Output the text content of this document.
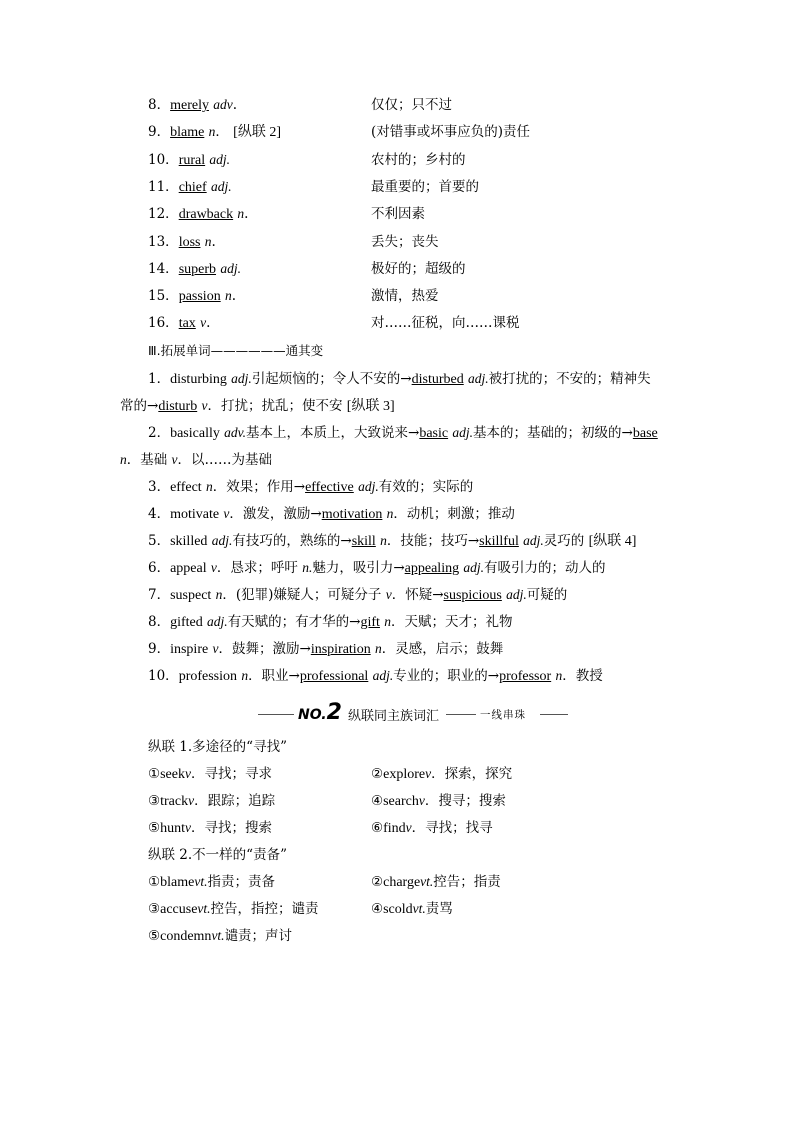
8．merely adv.	仅仅；只不过
9．blame n． [纵联 2]	(对错事或坏事应负的)责任
10．rural adj.	农村的；乡村的
11．chief adj.	最重要的；首要的
12．drawback n.	不利因素
13．loss n.	丢失；丧失
14．superb adj.	极好的；超级的
15．passion n.	激情，热爱
16．tax v.	对……征税，向……课税
Ⅲ.拓展单词——————通其变
1．disturbing adj.引起烦恼的；令人不安的→disturbed adj.被打扰的；不安的；精神失
常的→disturb v．打扰；扰乱；使不安 [纵联 3]
2．basically adv.基本上，本质上，大致说来→basic adj.基本的；基础的；初级的→base
n．基础 v．以……为基础
3．effect n．效果；作用→effective adj.有效的；实际的
4．motivate v．激发，激励→motivation n．动机；刺激；推动
5．skilled adj.有技巧的，熟练的→skill n．技能；技巧→skillful adj.灵巧的 [纵联 4]
6．appeal v．恳求；呼吁 n.魅力，吸引力→appealing adj.有吸引力的；动人的
7．suspect n．(犯罪)嫌疑人；可疑分子 v．怀疑→suspicious adj.可疑的
8．gifted adj.有天赋的；有才华的→gift n．天赋；天才；礼物
9．inspire v．鼓舞；激励→inspiration n．灵感，启示；鼓舞
10．profession n．职业→professional adj.专业的；职业的→professor n．教授
NO.2 纵联同主族词汇	一线串珠
纵联 1.多途径的“寻找”
①seekv．寻找；寻求	②explorev．探索，探究
③trackv．跟踪；追踪	④searchv．搜寻；搜索
⑤huntv．寻找；搜索	⑥findv．寻找；找寻
纵联 2.不一样的“责备”
①blamevt.指责；责备	②chargevt.控告；指责
③accusevt.控告，指控；谴责	④scoldvt.责骂
⑤condemnvt.谴责；声讨
